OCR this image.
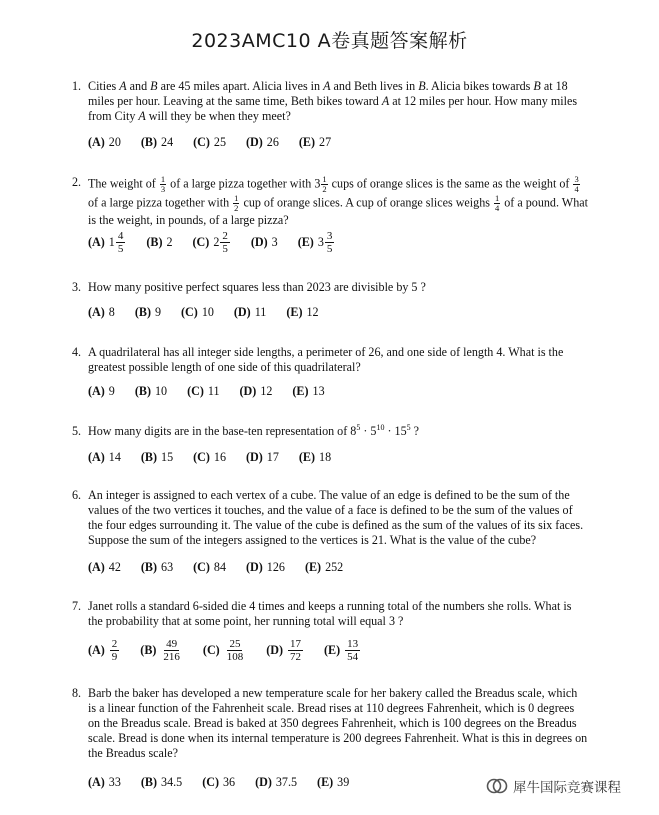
2023AMC10 A卷真题答案解析
1. Cities A and B are 45 miles apart. Alicia lives in A and Beth lives in B. Alicia bikes towards B at 18 miles per hour. Leaving at the same time, Beth bikes toward A at 12 miles per hour. How many miles from City A will they be when they meet?
(A) 20 (B) 24 (C) 25 (D) 26 (E) 27
2. The weight of $\frac{1}{3}$ of a large pizza together with $3 \frac{1}{2}$ cups of orange slices is the same as the weight of $\frac{3}{4}$
of a large pizza together with $\frac{1}{2}$ cup of orange slices. A cup of orange slices weighs $\frac{1}{4}$ of a pound. What is the weight, in pounds, of a large pizza?
(A) $1 \frac{4}{5} (B)$ 2 (C) $2 \frac{2}{5} (D)$ 3 (E) $3 \frac{3}{5}$
3. How many positive perfect squares less than 2023 are divisible by 5 ?
(A) 8 (B) 9 (C) 10 (D) 11 (E) 12
4. A quadrilateral has all integer side lengths, a perimeter of 26, and one side of length 4. What is the greatest possible length of one side of this quadrilateral?
(A) 9 (B) 10 (C) 11 (D) 12 (E) 13
5. How many digits are in the base-ten representation of $8^5 \cdot 5^{10} \cdot 15^5$ ?
(A) 14 (B) 15 (C) 16 (D) 17 (E) 18
6. An integer is assigned to each vertex of a cube. The value of an edge is defined to be the sum of the values of the two vertices it touches, and the value of a face is defined to be the sum of the values of the four edges surrounding it. The value of the cube is defined as the sum of the values of its six faces. Suppose the sum of the integers assigned to the vertices is 21. What is the value of the cube?
(A) 42 (B) 63 (C) 84 (D) 126 (E) 252
7. Janet rolls a standard 6-sided die 4 times and keeps a running total of the numbers she rolls. What is the probability that at some point, her running total will equal 3 ?
$(A) \frac{2}{9} (B) \frac{49}{216} (C) \frac{25}{108} (D) \frac{17}{72} (E) \frac{13}{54}$
8. Barb the baker has developed a new temperature scale for her bakery called the Breadus scale, which is a linear function of the Fahrenheit scale. Bread rises at 110 degrees Fahrenheit, which is 0 degrees on the Breadus scale. Bread is baked at 350 degrees Fahrenheit, which is 100 degrees on the Breadus scale. Bread is done when its internal temperature is 200 degrees Fahrenheit. What is this in degrees on the Breadus scale?
(A) 33 (B) 34.5 (C) 36 (D) 37.5 (E) 39	犀牛国际竞赛课程
